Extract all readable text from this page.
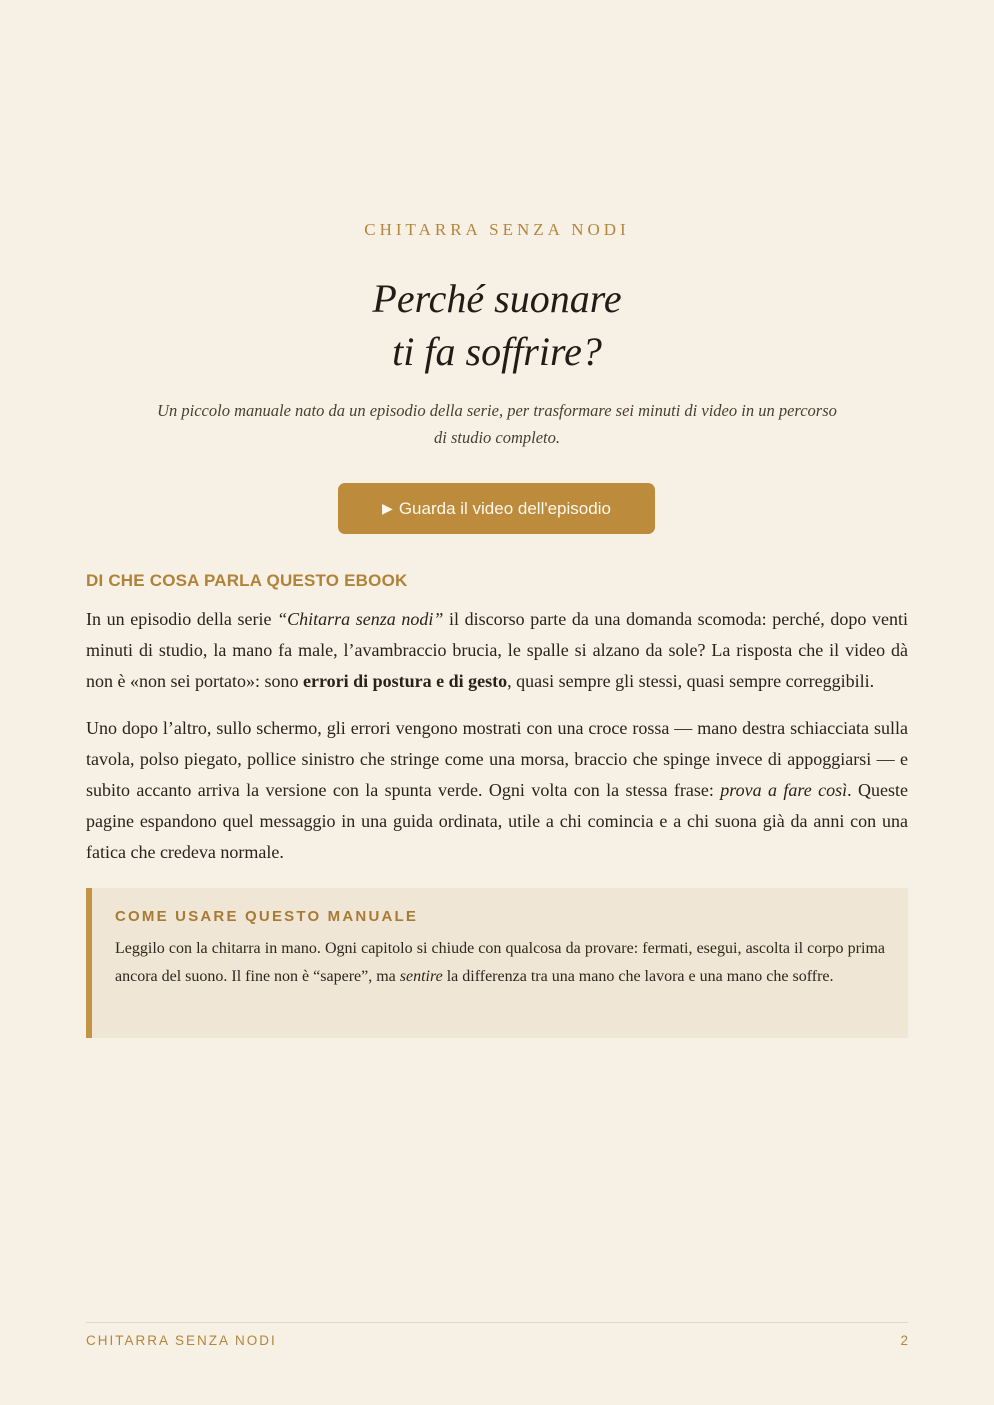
CHITARRA SENZA NODI
Perché suonare
ti fa soffrire?

Un piccolo manuale nato da un episodio della serie, per trasformare sei minuti di video in un percorso di studio completo.

▶ Guarda il video dell'episodio
DI CHE COSA PARLA QUESTO EBOOK

In un episodio della serie “Chitarra senza nodi” il discorso parte da una domanda scomoda: perché, dopo venti minuti di studio, la mano fa male, l’avambraccio brucia, le spalle si alzano da sole? La risposta che il video dà non è «non sei portato»: sono errori di postura e di gesto, quasi sempre gli stessi, quasi sempre correggibili.

Uno dopo l’altro, sullo schermo, gli errori vengono mostrati con una croce rossa — mano destra schiacciata sulla tavola, polso piegato, pollice sinistro che stringe come una morsa, braccio che spinge invece di appoggiarsi — e subito accanto arriva la versione con la spunta verde. Ogni volta con la stessa frase: prova a fare così. Queste pagine espandono quel messaggio in una guida ordinata, utile a chi comincia e a chi suona già da anni con una fatica che credeva normale.

COME USARE QUESTO MANUALE

Leggilo con la chitarra in mano. Ogni capitolo si chiude con qualcosa da provare: fermati, esegui, ascolta il corpo prima ancora del suono. Il fine non è “sapere”, ma sentire la differenza tra una mano che lavora e una mano che soffre.

CHITARRA SENZA NODI	2
